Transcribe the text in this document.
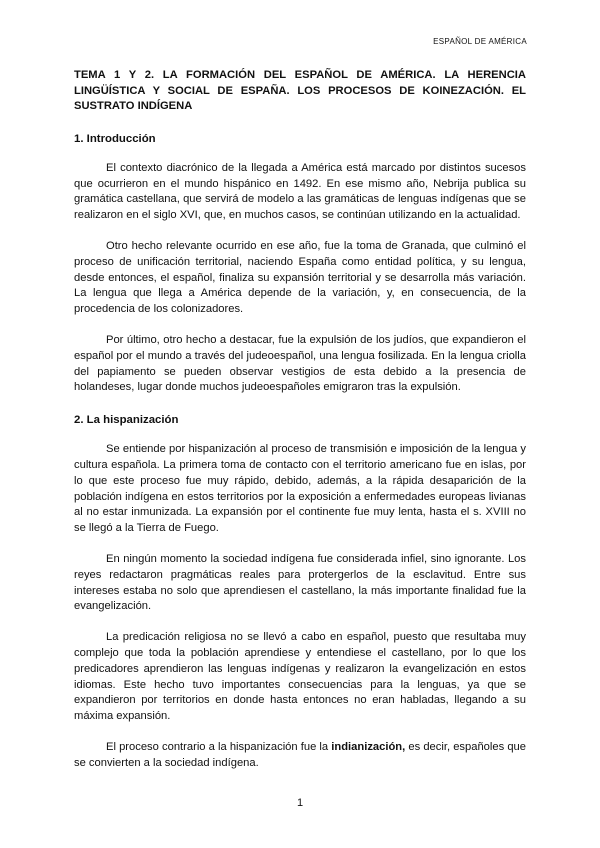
ESPAÑOL DE AMÉRICA
TEMA 1 Y 2. LA FORMACIÓN DEL ESPAÑOL DE AMÉRICA. LA HERENCIA LINGÜÍSTICA Y SOCIAL DE ESPAÑA. LOS PROCESOS DE KOINEZACIÓN. EL SUSTRATO INDÍGENA
1. Introducción

El contexto diacrónico de la llegada a América está marcado por distintos sucesos que ocurrieron en el mundo hispánico en 1492. En ese mismo año, Nebrija publica su gramática castellana, que servirá de modelo a las gramáticas de lenguas indígenas que se realizaron en el siglo XVI, que, en muchos casos, se continúan utilizando en la actualidad.

Otro hecho relevante ocurrido en ese año, fue la toma de Granada, que culminó el proceso de unificación territorial, naciendo España como entidad política, y su lengua, desde entonces, el español, finaliza su expansión territorial y se desarrolla más variación. La lengua que llega a América depende de la variación, y, en consecuencia, de la procedencia de los colonizadores.

Por último, otro hecho a destacar, fue la expulsión de los judíos, que expandieron el español por el mundo a través del judeoespañol, una lengua fosilizada. En la lengua criolla del papiamento se pueden observar vestigios de esta debido a la presencia de holandeses, lugar donde muchos judeoespañoles emigraron tras la expulsión.

2. La hispanización

Se entiende por hispanización al proceso de transmisión e imposición de la lengua y cultura española. La primera toma de contacto con el territorio americano fue en islas, por lo que este proceso fue muy rápido, debido, además, a la rápida desaparición de la población indígena en estos territorios por la exposición a enfermedades europeas livianas al no estar inmunizada. La expansión por el continente fue muy lenta, hasta el s. XVIII no se llegó a la Tierra de Fuego.

En ningún momento la sociedad indígena fue considerada infiel, sino ignorante. Los reyes redactaron pragmáticas reales para protergerlos de la esclavitud. Entre sus intereses estaba no solo que aprendiesen el castellano, la más importante finalidad fue la evangelización.

La predicación religiosa no se llevó a cabo en español, puesto que resultaba muy complejo que toda la población aprendiese y entendiese el castellano, por lo que los predicadores aprendieron las lenguas indígenas y realizaron la evangelización en estos idiomas. Este hecho tuvo importantes consecuencias para la lenguas, ya que se expandieron por territorios en donde hasta entonces no eran habladas, llegando a su máxima expansión.

El proceso contrario a la hispanización fue la indianización, es decir, españoles que se convierten a la sociedad indígena.

1
